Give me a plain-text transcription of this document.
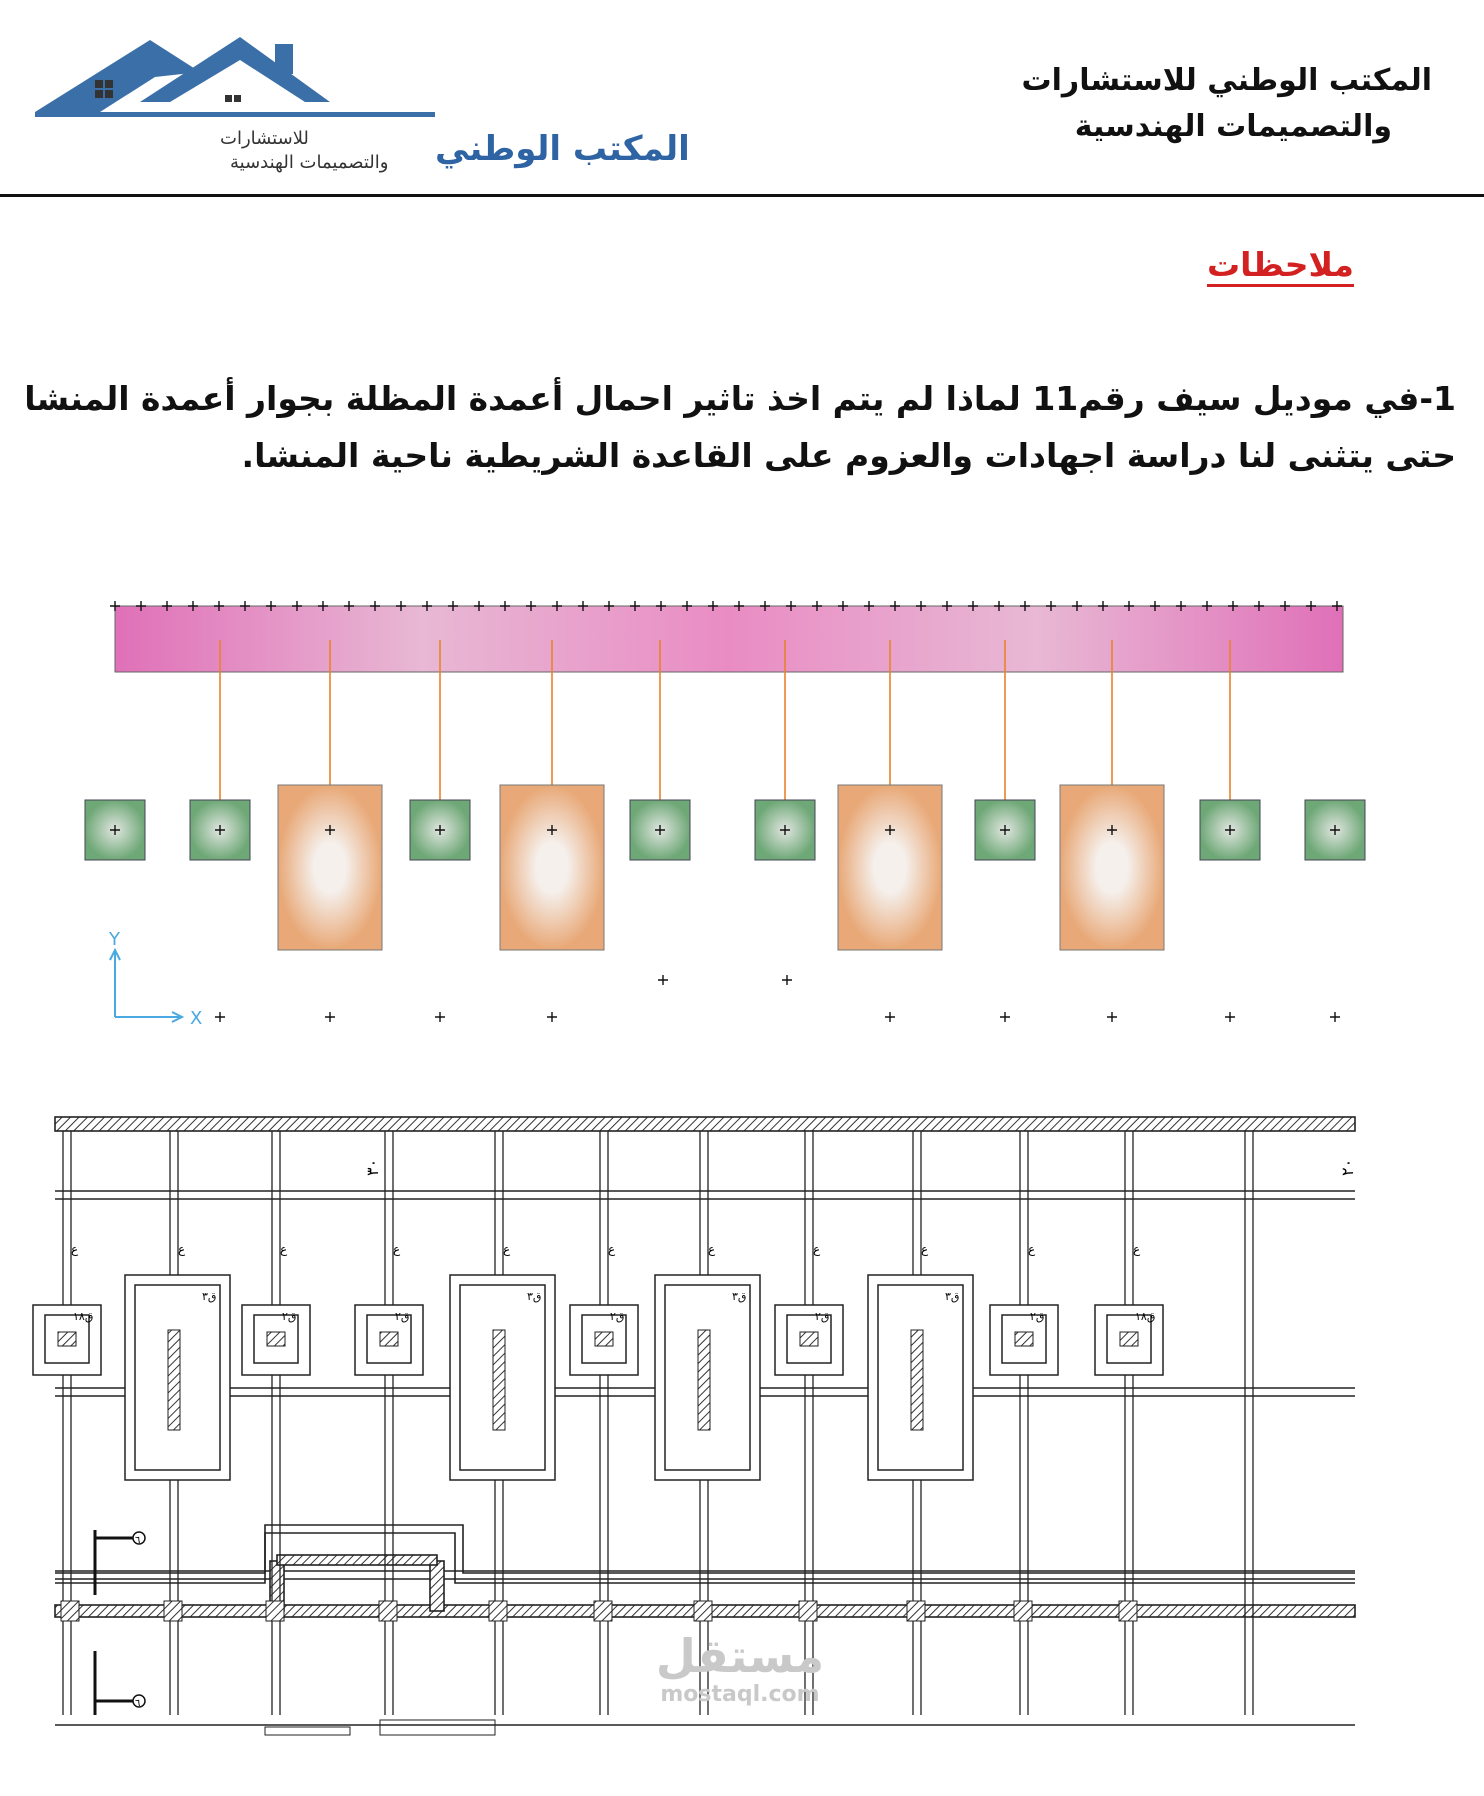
المكتب الوطني
للاستشارات
والتصميمات الهندسية
المكتب الوطني للاستشارات
والتصميمات الهندسية
ملاحظات
1-في موديل سيف رقم11 لماذا لم يتم اخذ تاثير احمال أعمدة المظلة بجوار أعمدة المنشا
حتى يتثنى لنا دراسة اجهادات والعزوم على القاعدة الشريطية ناحية المنشا.
Y
X
ق١٨
ع
ق٣
ع
ق٢
ع
ق٢
ع
ق٣
ع
ق٢
ع
ق٣
ع
ق٢
ع
ق٣
ع
ق٢
ع
ق١٨
ع
٦
٦
٣٠	٢٠
مستقل
mostaql.com
